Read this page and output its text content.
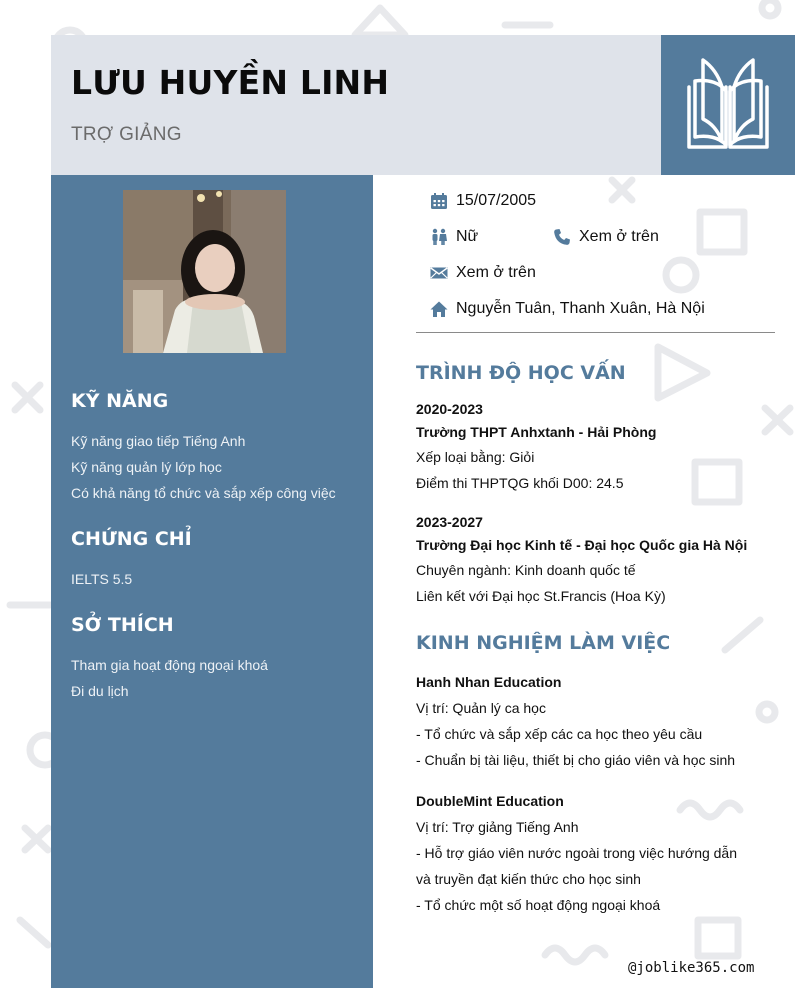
LƯU HUYỀN LINH
TRỢ GIẢNG
KỸ NĂNG
Kỹ năng giao tiếp Tiếng Anh
Kỹ năng quản lý lớp học
Có khả năng tổ chức và sắp xếp công việc
CHỨNG CHỈ
IELTS 5.5
SỞ THÍCH
Tham gia hoạt động ngoại khoá
Đi du lịch
15/07/2005
Nữ	Xem ở trên
Xem ở trên
Nguyễn Tuân, Thanh Xuân, Hà Nội
TRÌNH ĐỘ HỌC VẤN
2020-2023
Trường THPT Anhxtanh - Hải Phòng
Xếp loại bằng: Giỏi
Điểm thi THPTQG khối D00: 24.5
2023-2027
Trường Đại học Kinh tế - Đại học Quốc gia Hà Nội
Chuyên ngành: Kinh doanh quốc tế
Liên kết với Đại học St.Francis (Hoa Kỳ)
KINH NGHIỆM LÀM VIỆC
Hanh Nhan Education
Vị trí: Quản lý ca học
- Tổ chức và sắp xếp các ca học theo yêu cầu
- Chuẩn bị tài liệu, thiết bị cho giáo viên và học sinh
DoubleMint Education
Vị trí: Trợ giảng Tiếng Anh
- Hỗ trợ giáo viên nước ngoài trong việc hướng dẫn
và truyền đạt kiến thức cho học sinh
- Tổ chức một số hoạt động ngoại khoá
@joblike365.com
